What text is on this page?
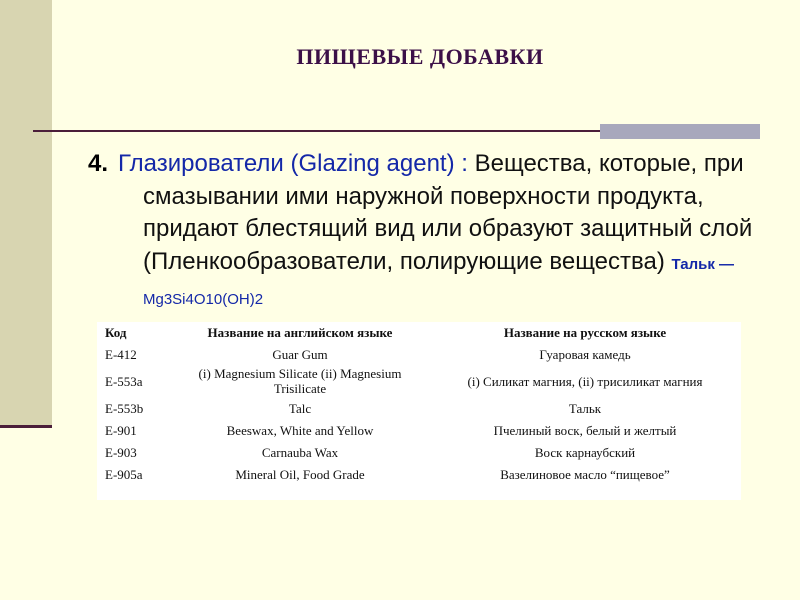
ПИЩЕВЫЕ ДОБАВКИ
4. Глазирователи (Glazing agent) : Вещества, которые, при смазывании ими наружной поверхности продукта, придают блестящий вид или образуют защитный слой (Пленкообразователи, полирующие вещества) Тальк — Mg3Si4O10(OH)2
Код	Название на английском языке	Название на русском языке
E-412	Guar Gum	Гуаровая камедь
E-553a	(i) Magnesium Silicate (ii) Magnesium Trisilicate	(i) Силикат магния, (ii) трисиликат магния
E-553b	Talc	Тальк
E-901	Beeswax, White and Yellow	Пчелиный воск, белый и желтый
E-903	Carnauba Wax	Воск карнаубский
E-905a	Mineral Oil, Food Grade	Вазелиновое масло “пищевое”
